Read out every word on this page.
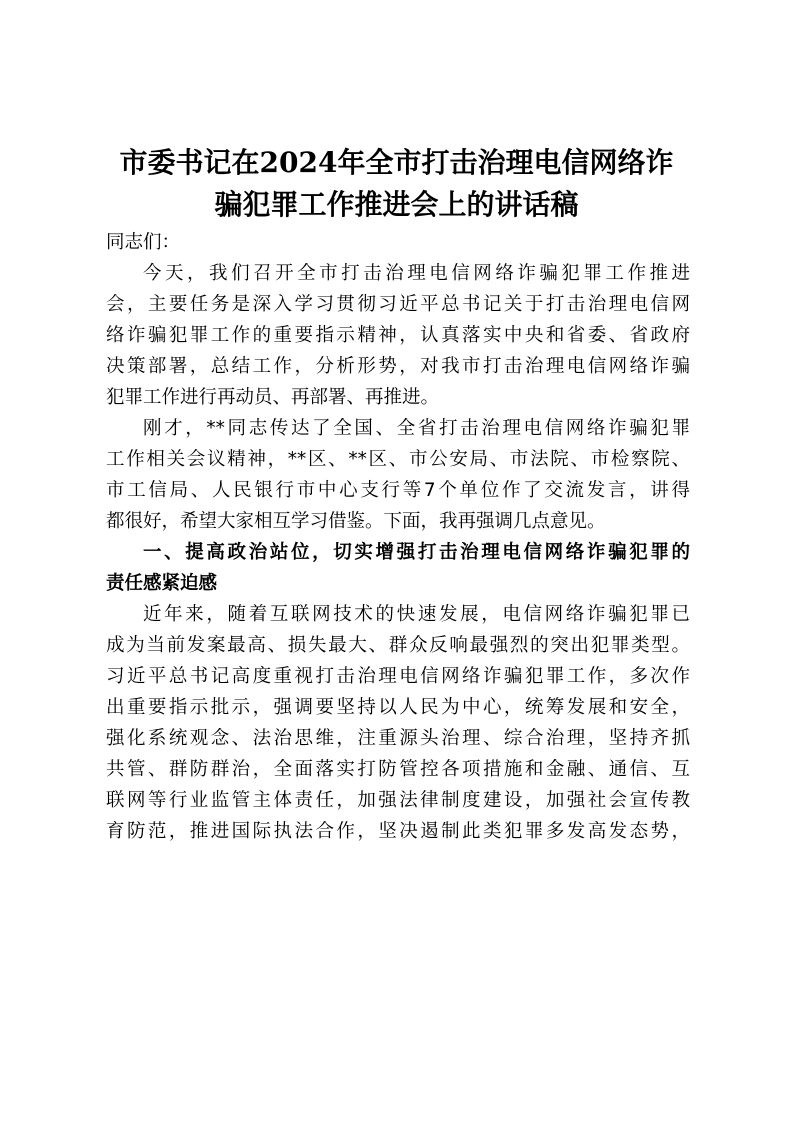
市委书记在2024年全市打击治理电信网络诈
骗犯罪工作推进会上的讲话稿
同志们：
今天，我们召开全市打击治理电信网络诈骗犯罪工作推进
会，主要任务是深入学习贯彻习近平总书记关于打击治理电信网
络诈骗犯罪工作的重要指示精神，认真落实中央和省委、省政府
决策部署，总结工作，分析形势，对我市打击治理电信网络诈骗
犯罪工作进行再动员、再部署、再推进。
刚才，**同志传达了全国、全省打击治理电信网络诈骗犯罪
工作相关会议精神，**区、**区、市公安局、市法院、市检察院、
市工信局、人民银行市中心支行等7个单位作了交流发言，讲得
都很好，希望大家相互学习借鉴。下面，我再强调几点意见。
一、提高政治站位，切实增强打击治理电信网络诈骗犯罪的
责任感紧迫感
近年来，随着互联网技术的快速发展，电信网络诈骗犯罪已
成为当前发案最高、损失最大、群众反响最强烈的突出犯罪类型。
习近平总书记高度重视打击治理电信网络诈骗犯罪工作，多次作
出重要指示批示，强调要坚持以人民为中心，统筹发展和安全，
强化系统观念、法治思维，注重源头治理、综合治理，坚持齐抓
共管、群防群治，全面落实打防管控各项措施和金融、通信、互
联网等行业监管主体责任，加强法律制度建设，加强社会宣传教
育防范，推进国际执法合作，坚决遏制此类犯罪多发高发态势，
